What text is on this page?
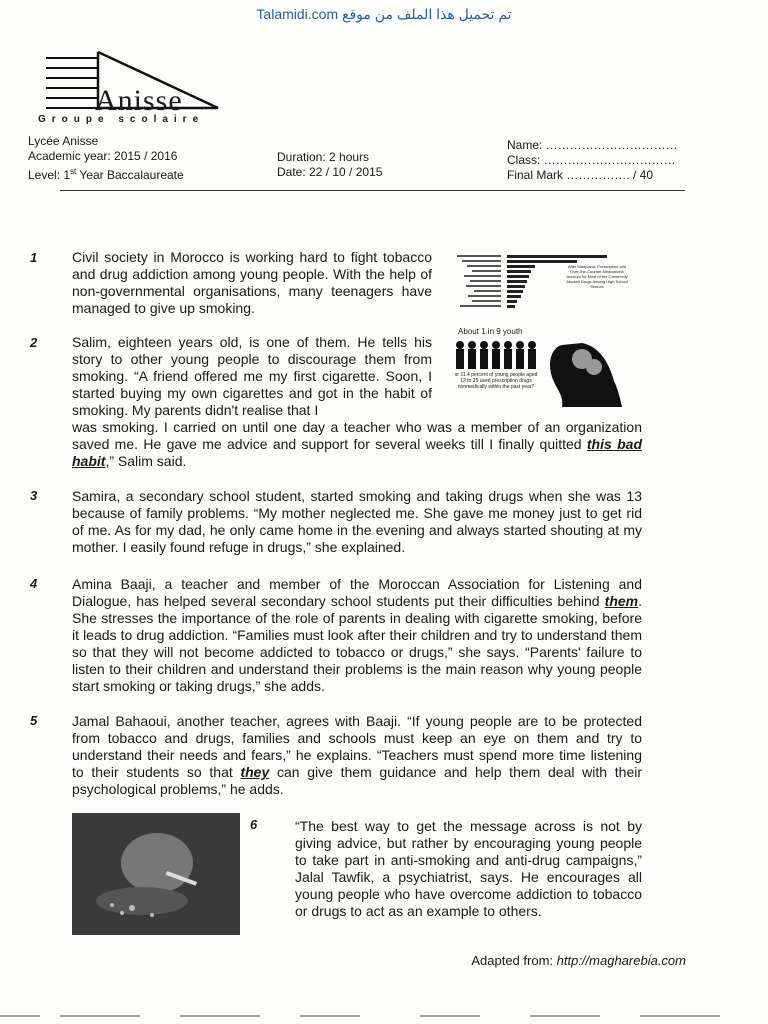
Talamidi.com تم تحميل هذا الملف من موقع
Anisse
Groupe scolaire
Lycée Anisse
Academic year: 2015 / 2016
Level: 1st Year Baccalaureate
Duration: 2 hours
Date: 22 / 10 / 2015
Name: ……………………………
Class: ……………………………
Final Mark ……………. / 40
1 Civil society in Morocco is working hard to fight tobacco and drug addiction among young people. With the help of non-governmental organisations, many teenagers have managed to give up smoking.
After Marijuana, Prescription and Over-the-Counter Medications Account for Most of the Commonly Abused Drugs Among High School Seniors
2 Salim, eighteen years old, is one of them. He tells his story to other young people to discourage them from smoking. “A friend offered me my first cigarette. Soon, I started buying my own cigarettes and got in the habit of smoking. My parents didn't realise that I
was smoking. I carried on until one day a teacher who was a member of an organization saved me. He gave me advice and support for several weeks till I finally quitted this bad habit,” Salim said.
About 1 in 9 youth
or 11.4 percent of young people aged 12 to 25 used prescription drugs nonmedically within the past year?
3 Samira, a secondary school student, started smoking and taking drugs when she was 13 because of family problems. “My mother neglected me. She gave me money just to get rid of me. As for my dad, he only came home in the evening and always started shouting at my mother. I easily found refuge in drugs,” she explained.
4 Amina Baaji, a teacher and member of the Moroccan Association for Listening and Dialogue, has helped several secondary school students put their difficulties behind them. She stresses the importance of the role of parents in dealing with cigarette smoking, before it leads to drug addiction. “Families must look after their children and try to understand them so that they will not become addicted to tobacco or drugs,” she says. “Parents' failure to listen to their children and understand their problems is the main reason why young people start smoking or taking drugs,” she adds.
5 Jamal Bahaoui, another teacher, agrees with Baaji. “If young people are to be protected from tobacco and drugs, families and schools must keep an eye on them and try to understand their needs and fears,” he explains. “Teachers must spend more time listening to their students so that they can give them guidance and help them deal with their psychological problems,” he adds.
6	“The best way to get the message across is not by giving advice, but rather by encouraging young people to take part in anti-smoking and anti-drug campaigns,” Jalal Tawfik, a psychiatrist, says. He encourages all young people who have overcome addiction to tobacco or drugs to act as an example to others.
Adapted from: http://magharebia.com
